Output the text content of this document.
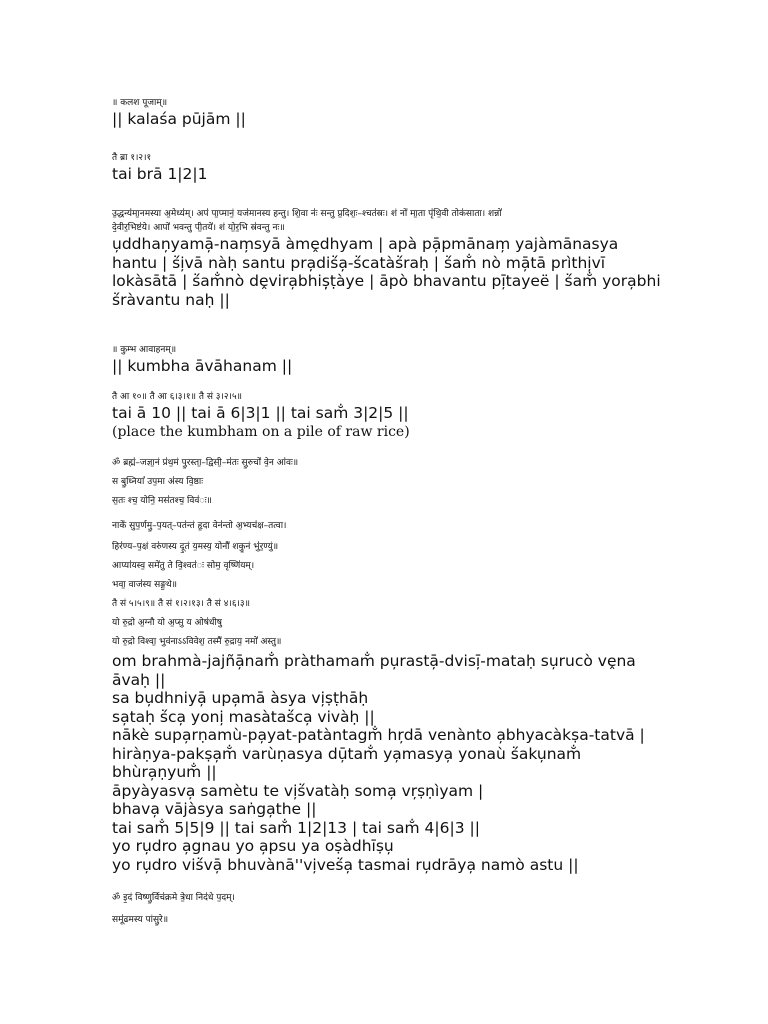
॥ कलश पूजाम्॥
|| kalaśa pūjām ||
तै ब्रा १।२।१
tai brā 1|2|1
उ॒द्धन्य॑मा॒नमस्या अ॒मेध्य॑म्। अप॑ पा॒प्मानं॒ यज॑मानस्य हन्तु। शि॒वा नः॑ सन्तु प्र॒दिशः॒–श्चत॑स्रः। शं नो॑ मा॒ता पृ॑थि॒वी तोक॑साता। शन्नो॑
दे॒वीर॒भिष्ट॑ये। आपो॑ भवन्तु पी॒तये॑। शं यो॒र॒भि स्र॑वन्तु नः॥
u̦ddhan̦yamā̦-nam̦syā àmḙdhyam | apà pā̦pmānam̦ yajàmānasya
hantu | ṥi̦vā nàḥ santu pra̦diṥa̦-ṥcatàṥraḥ | ṥam̐ nò mā̦tā prìthi̦vī
lokàsātā | ṥam̐nò dḙvira̦bhiṣ̦ṭàye | āpò bhavantu pī̦tayeë | ṥam̐ yora̦bhi
ṥràvantu naḥ ||
॥ कुम्भ आवाहनम्॥
|| kumbha āvāhanam ||
तै आ १०॥ तै आ ६।३।१॥ तै सं ३।२।५॥
tai ā 10 || tai ā 6|3|1 || tai sam̐ 3|2|5 ||
(place the kumbham on a pile of raw rice)
ॐ ब्रह्म॑–जज्ञा॒नं प्र॑थ॒मं पु॒रस्ता॒–द्विसी॒–म॑तः सु॒रुचो॑ वे॒न आ॑वः॥
स बु॒ध्नियां॑ उप॒मा अ॑स्य वि॒ष्ठाः
स॒तः श्च॒ योनि॒ मस॑तश्च॒ विव॑ः॥
नाके॑ सुप॒र्णमु॒–प॒यत्–पत॑न्तं हृ॒दा वेन॑न्तो अ॒भ्यच॑क्ष–तत्वा।
हिर॑ण्य–प॒क्षं वरु॑णस्य दू॒तं य॒मस्य॒ योनौ॑ शकु॒नं भु॑र॒ण्युं॥
आप्या॑यस्व॒ समे॑तु ते वि॒श्वत॑ः सोम॒ वृष्णि॑यम्।
भवा॒ वाज॑स्य सङ्ग॒थे॥
तै सं ५।५।९॥ तै सं १।२।१३। तै सं ४।६।३॥
यो रु॒द्रो अ॒ग्नौ यो अ॒प्सु य ओष॑धीषु
यो रु॒द्रो विश्वा॒ भुव॑नाऽऽविवेश॒ तस्मै॑ रु॒द्राय॒ नमो॑ अस्तु॥
om brahmà-jajñā̦nam̐ pràthamam̐ pu̦rastā̦-dvisī̦-mataḥ su̦rucò vḙna
āvaḥ ||
sa bu̦dhniyā̦ upa̦mā àsya vi̦ṣṭhāḥ
sa̦taḥ ṥca̦ yoni̦ masàtaṥca̦ vivàḥ ||
nākè supa̦rṇamù-pa̦yat-patàntagm̐ hr̦dā venànto a̦bhyacàkṣa-tatvā |
hiràṇya-pakṣa̦m̐ varùṇasya dū̦tam̐ ya̦masya̦ yonaù ṥaku̦nam̐
bhùra̦ṇyum̐ ||
āpyàyasva̦ samètu te vi̦ṥvatàḥ soma̦ vr̦ṣṇìyam |
bhava̦ vājàsya saṅga̦the ||
tai sam̐ 5|5|9 || tai sam̐ 1|2|13 | tai sam̐ 4|6|3 ||
yo ru̦dro a̦gnau yo a̦psu ya oṣàdhīṣu̦
yo ru̦dro viṥvā̦ bhuvànā''vi̦veṥa̦ tasmai ru̦drāya̦ namò astu ||
ॐ इ॒दं विष्णु॒र्विच॑क्रमे त्रे॒धा निद॑धे प॒दम्।
समू॑ढमस्य पांसु॒रे॥
